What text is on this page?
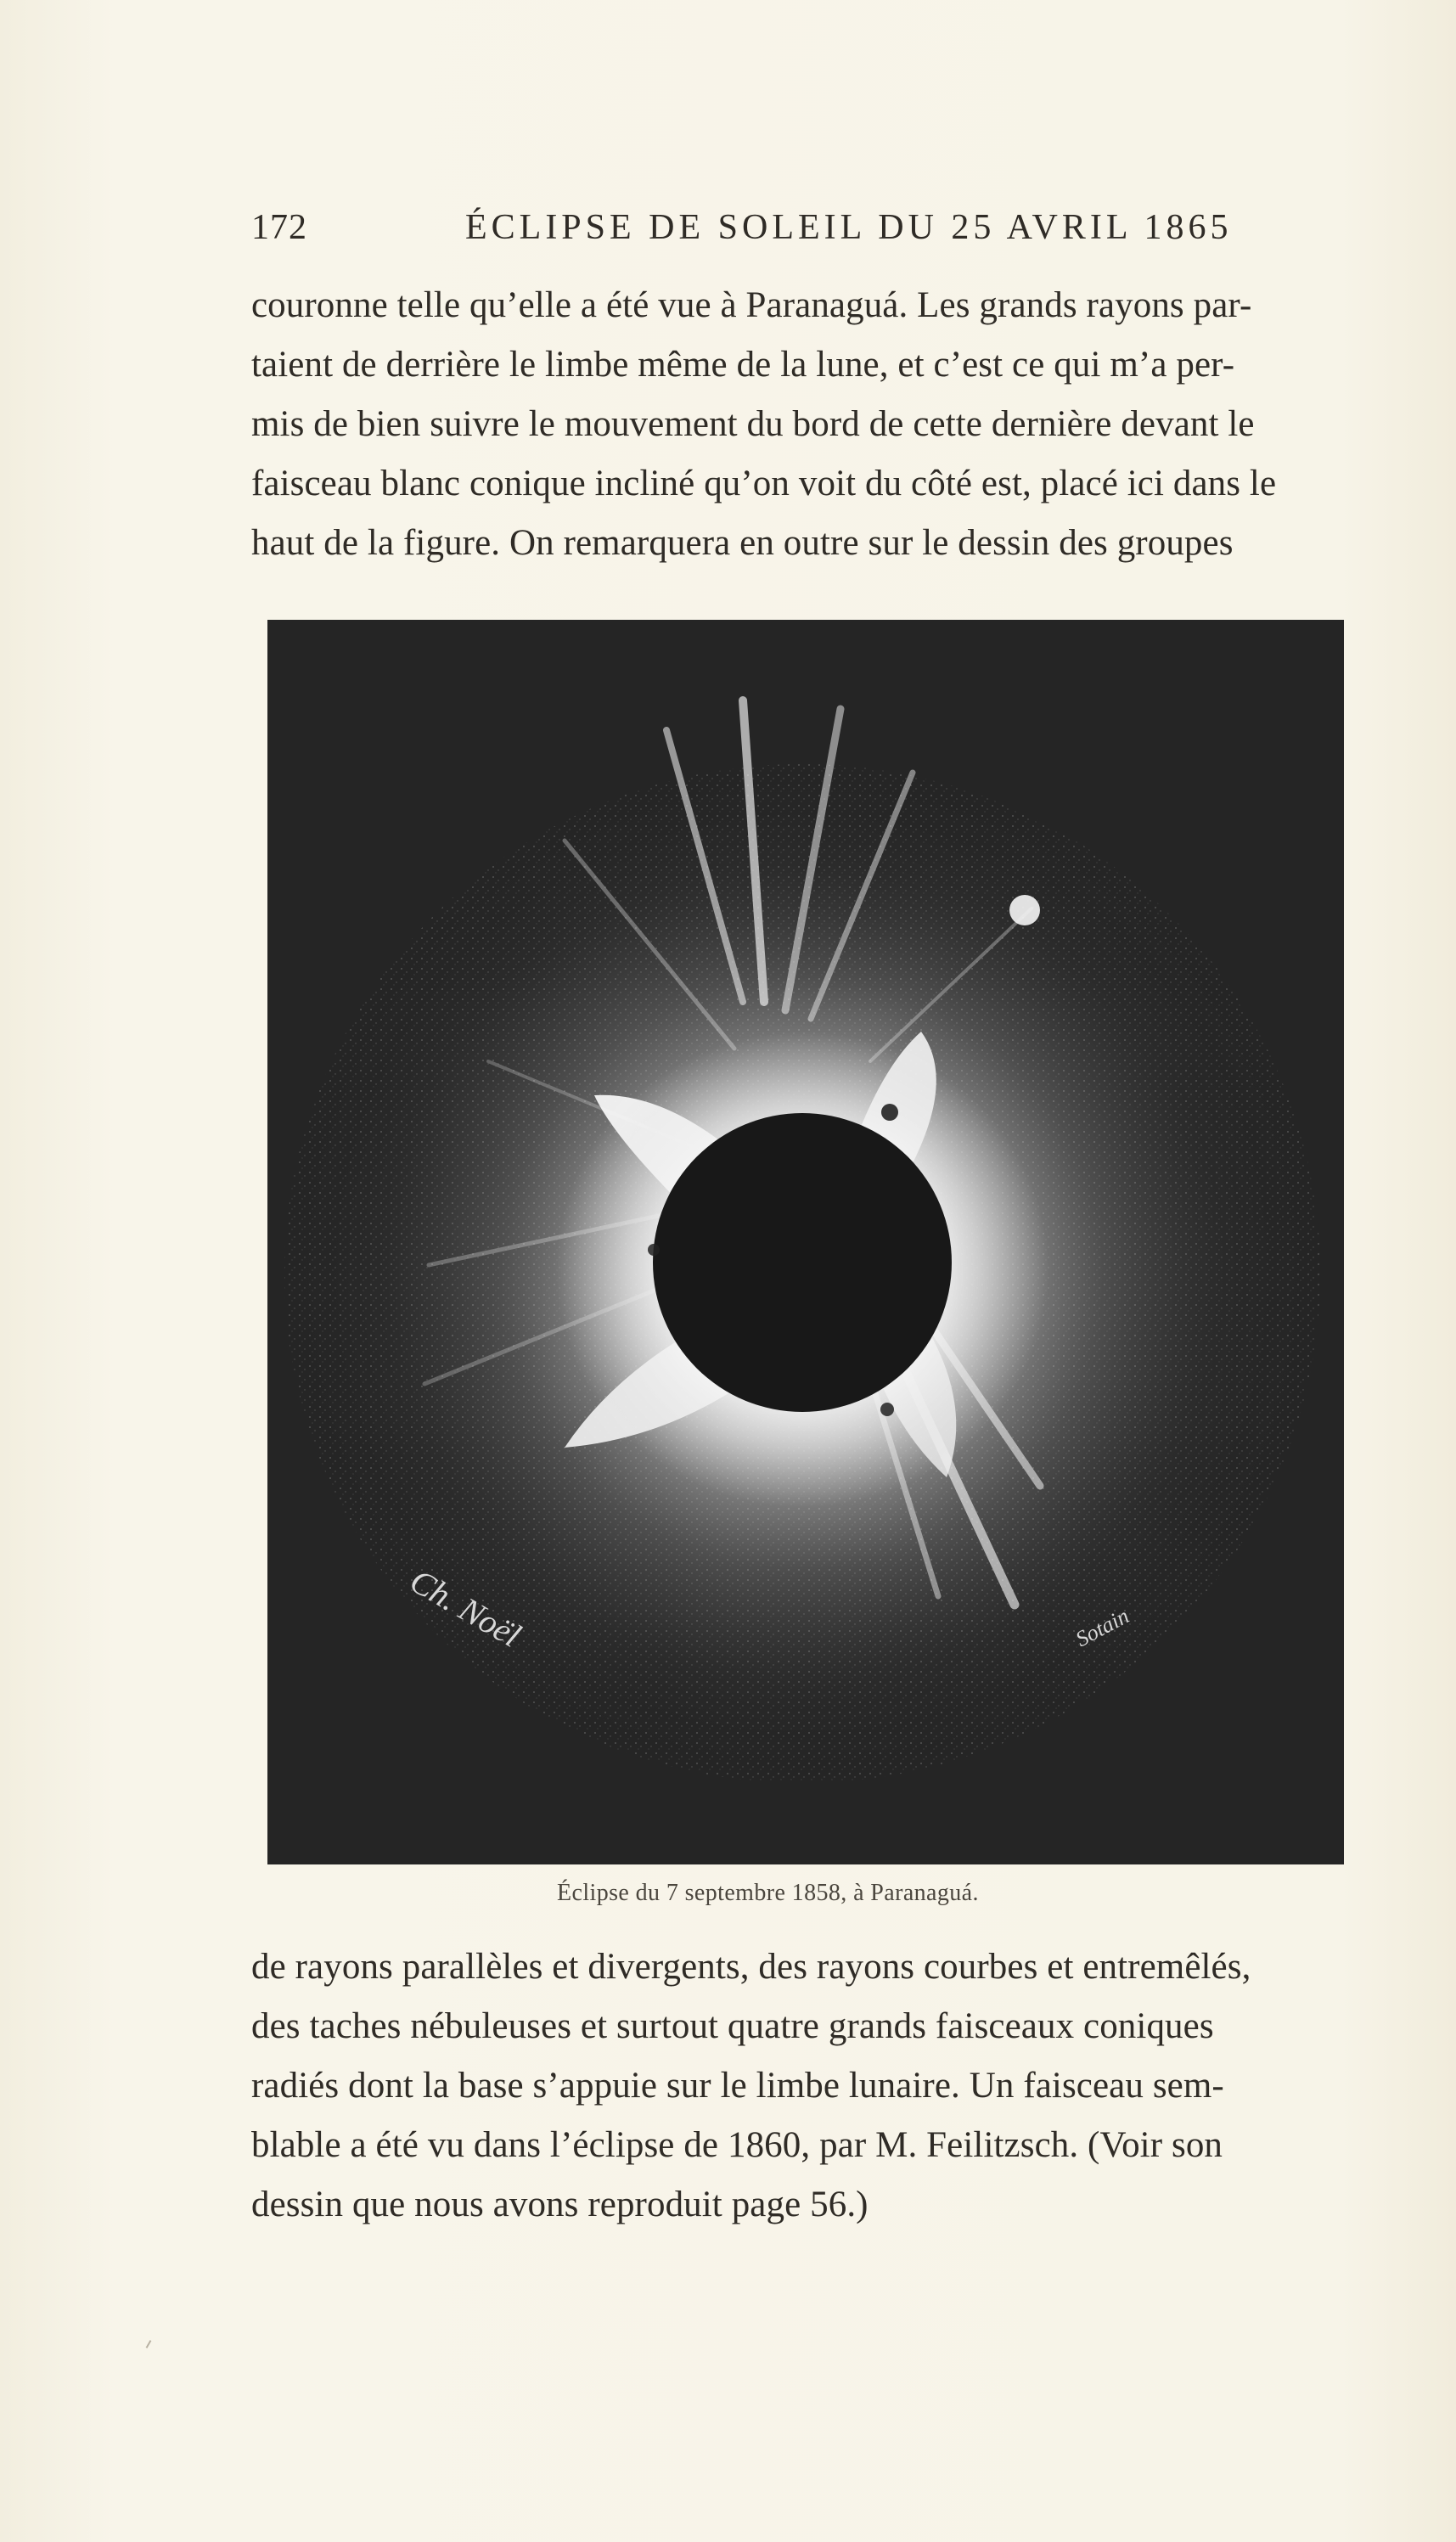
172	ÉCLIPSE DE SOLEIL DU 25 AVRIL 1865
couronne telle qu’elle a été vue à Paranaguá. Les grands rayons par-
taient de derrière le limbe même de la lune, et c’est ce qui m’a per-
mis de bien suivre le mouvement du bord de cette dernière devant le
faisceau blanc conique incliné qu’on voit du côté est, placé ici dans le
haut de la figure. On remarquera en outre sur le dessin des groupes
Ch. Noël	Sotain
Éclipse du 7 septembre 1858, à Paranaguá.
de rayons parallèles et divergents, des rayons courbes et entremêlés,
des taches nébuleuses et surtout quatre grands faisceaux coniques
radiés dont la base s’appuie sur le limbe lunaire. Un faisceau sem-
blable a été vu dans l’éclipse de 1860, par M. Feilitzsch. (Voir son
dessin que nous avons reproduit page 56.)
